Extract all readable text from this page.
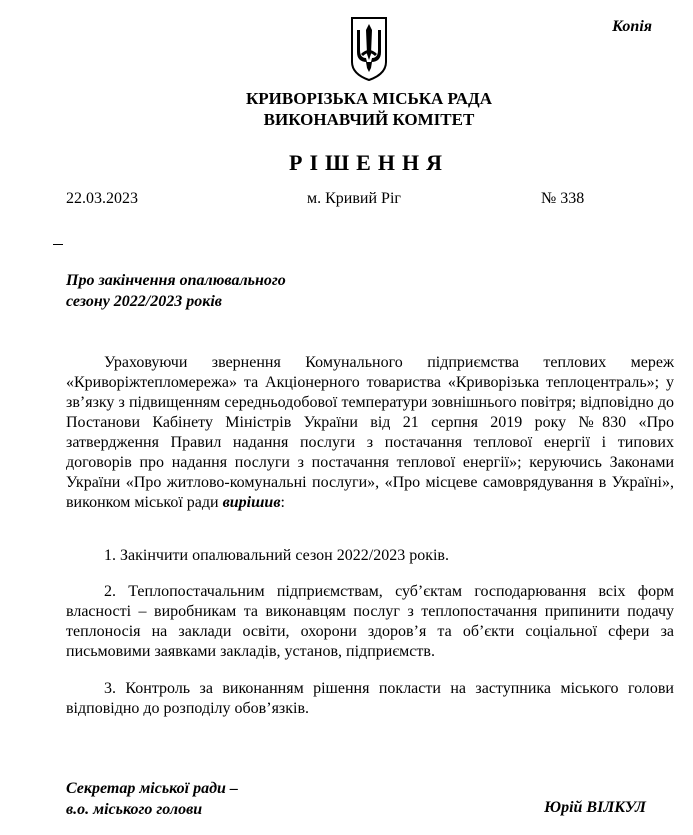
Копія
КРИВОРІЗЬКА МІСЬКА РАДА
ВИКОНАВЧИЙ КОМІТЕТ
РІШЕННЯ
22.03.2023	м. Кривий Ріг	№ 338
Про закінчення опалювального
сезону 2022/2023 років
Ураховуючи звернення Комунального підприємства теплових мереж «Криворіжтепломережа» та Акціонерного товариства «Криворізька теплоцентраль»; у зв’язку з підвищенням середньодобової температури зовнішнього повітря; відповідно до Постанови Кабінету Міністрів України від 21 серпня 2019 року №830 «Про затвердження Правил надання послуги з постачання теплової енергії і типових договорів про надання послуги з постачання теплової енергії»; керуючись Законами України «Про житлово-комунальні послуги», «Про місцеве самоврядування в Україні», виконком міської ради вирішив:
1. Закінчити опалювальний сезон 2022/2023 років.
2. Теплопостачальним підприємствам, суб’єктам господарювання всіх форм власності – виробникам та виконавцям послуг з теплопостачання припинити подачу теплоносія на заклади освіти, охорони здоров’я та об’єкти соціальної сфери за письмовими заявками закладів, установ, підприємств.
3. Контроль за виконанням рішення покласти на заступника міського голови відповідно до розподілу обов’язків.
Секретар міської ради –
в.о. міського голови	Юрій ВІЛКУЛ
